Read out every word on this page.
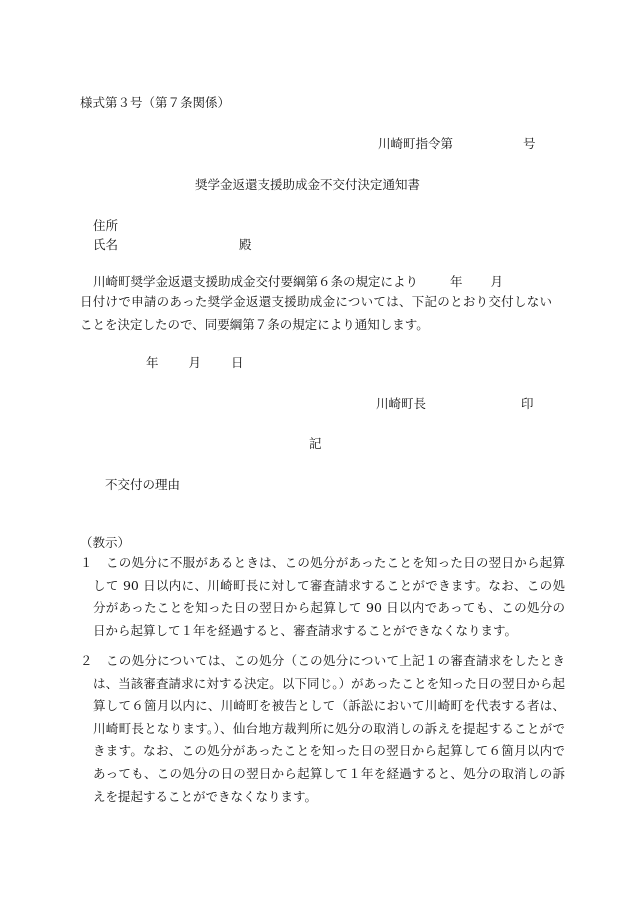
様式第３号（第７条関係）
川崎町指令第	号
奨学金返還支援助成金不交付決定通知書
住所
氏名	殿
川崎町奨学金返還支援助成金交付要綱第６条の規定により	年 月
日付けで申請のあった奨学金返還支援助成金については、下記のとおり交付しないことを決定したので、同要綱第７条の規定により通知します。
年 月 日
川崎町長	印
記
不交付の理由
（教示）
１ この処分に不服があるときは、この処分があったことを知った日の翌日から起算して 90 日以内に、川崎町長に対して審査請求することができます。なお、この処分があったことを知った日の翌日から起算して 90 日以内であっても、この処分の日から起算して１年を経過すると、審査請求することができなくなります。
２ この処分については、この処分（この処分について上記１の審査請求をしたときは、当該審査請求に対する決定。以下同じ。）があったことを知った日の翌日から起算して６箇月以内に、川崎町を被告として（訴訟において川崎町を代表する者は、川崎町長となります。）、仙台地方裁判所に処分の取消しの訴えを提起することができます。なお、この処分があったことを知った日の翌日から起算して６箇月以内であっても、この処分の日の翌日から起算して１年を経過すると、処分の取消しの訴えを提起することができなくなります。
